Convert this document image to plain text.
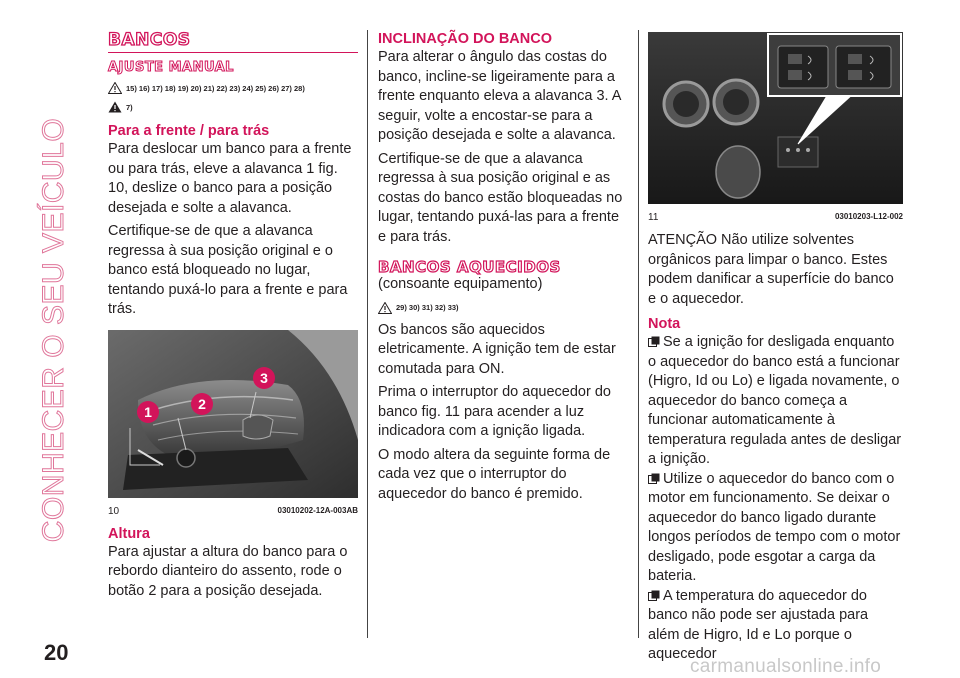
CONHECER O SEU VEÍCULO
20
BANCOS
AJUSTE MANUAL
15) 16) 17) 18) 19) 20) 21) 22) 23) 24) 25) 26) 27) 28)
7)
Para a frente / para trás

Para deslocar um banco para a frente ou para trás, eleve a alavanca 1 fig. 10, deslize o banco para a posição desejada e solte a alavanca.

Certifique-se de que a alavanca regressa à sua posição original e o banco está bloqueado no lugar, tentando puxá-lo para a frente e para trás.

1	2
3
10	03010202-12A-003AB
Altura

Para ajustar a altura do banco para o rebordo dianteiro do assento, rode o botão 2 para a posição desejada.

INCLINAÇÃO DO BANCO

Para alterar o ângulo das costas do banco, incline-se ligeiramente para a frente enquanto eleva a alavanca 3. A seguir, volte a encostar-se para a posição desejada e solte a alavanca.

Certifique-se de que a alavanca regressa à sua posição original e as costas do banco estão bloqueadas no lugar, tentando puxá-las para a frente e para trás.

BANCOS AQUECIDOS

(consoante equipamento)

29) 30) 31) 32) 33)

Os bancos são aquecidos eletricamente. A ignição tem de estar comutada para ON.

Prima o interruptor do aquecedor do banco fig. 11 para acender a luz indicadora com a ignição ligada.

O modo altera da seguinte forma de cada vez que o interruptor do aquecedor do banco é premido.

11	03010203-L12-002

ATENÇÃO Não utilize solventes orgânicos para limpar o banco. Estes podem danificar a superfície do banco e o aquecedor.

Nota

Se a ignição for desligada enquanto o aquecedor do banco está a funcionar (Higro, Id ou Lo) e ligada novamente, o aquecedor do banco começa a funcionar automaticamente à temperatura regulada antes de desligar a ignição.

Utilize o aquecedor do banco com o motor em funcionamento. Se deixar o aquecedor do banco ligado durante longos períodos de tempo com o motor desligado, pode esgotar a carga da bateria.

A temperatura do aquecedor do banco não pode ser ajustada para além de Higro, Id e Lo porque o aquecedor

carmanualsonline.info
